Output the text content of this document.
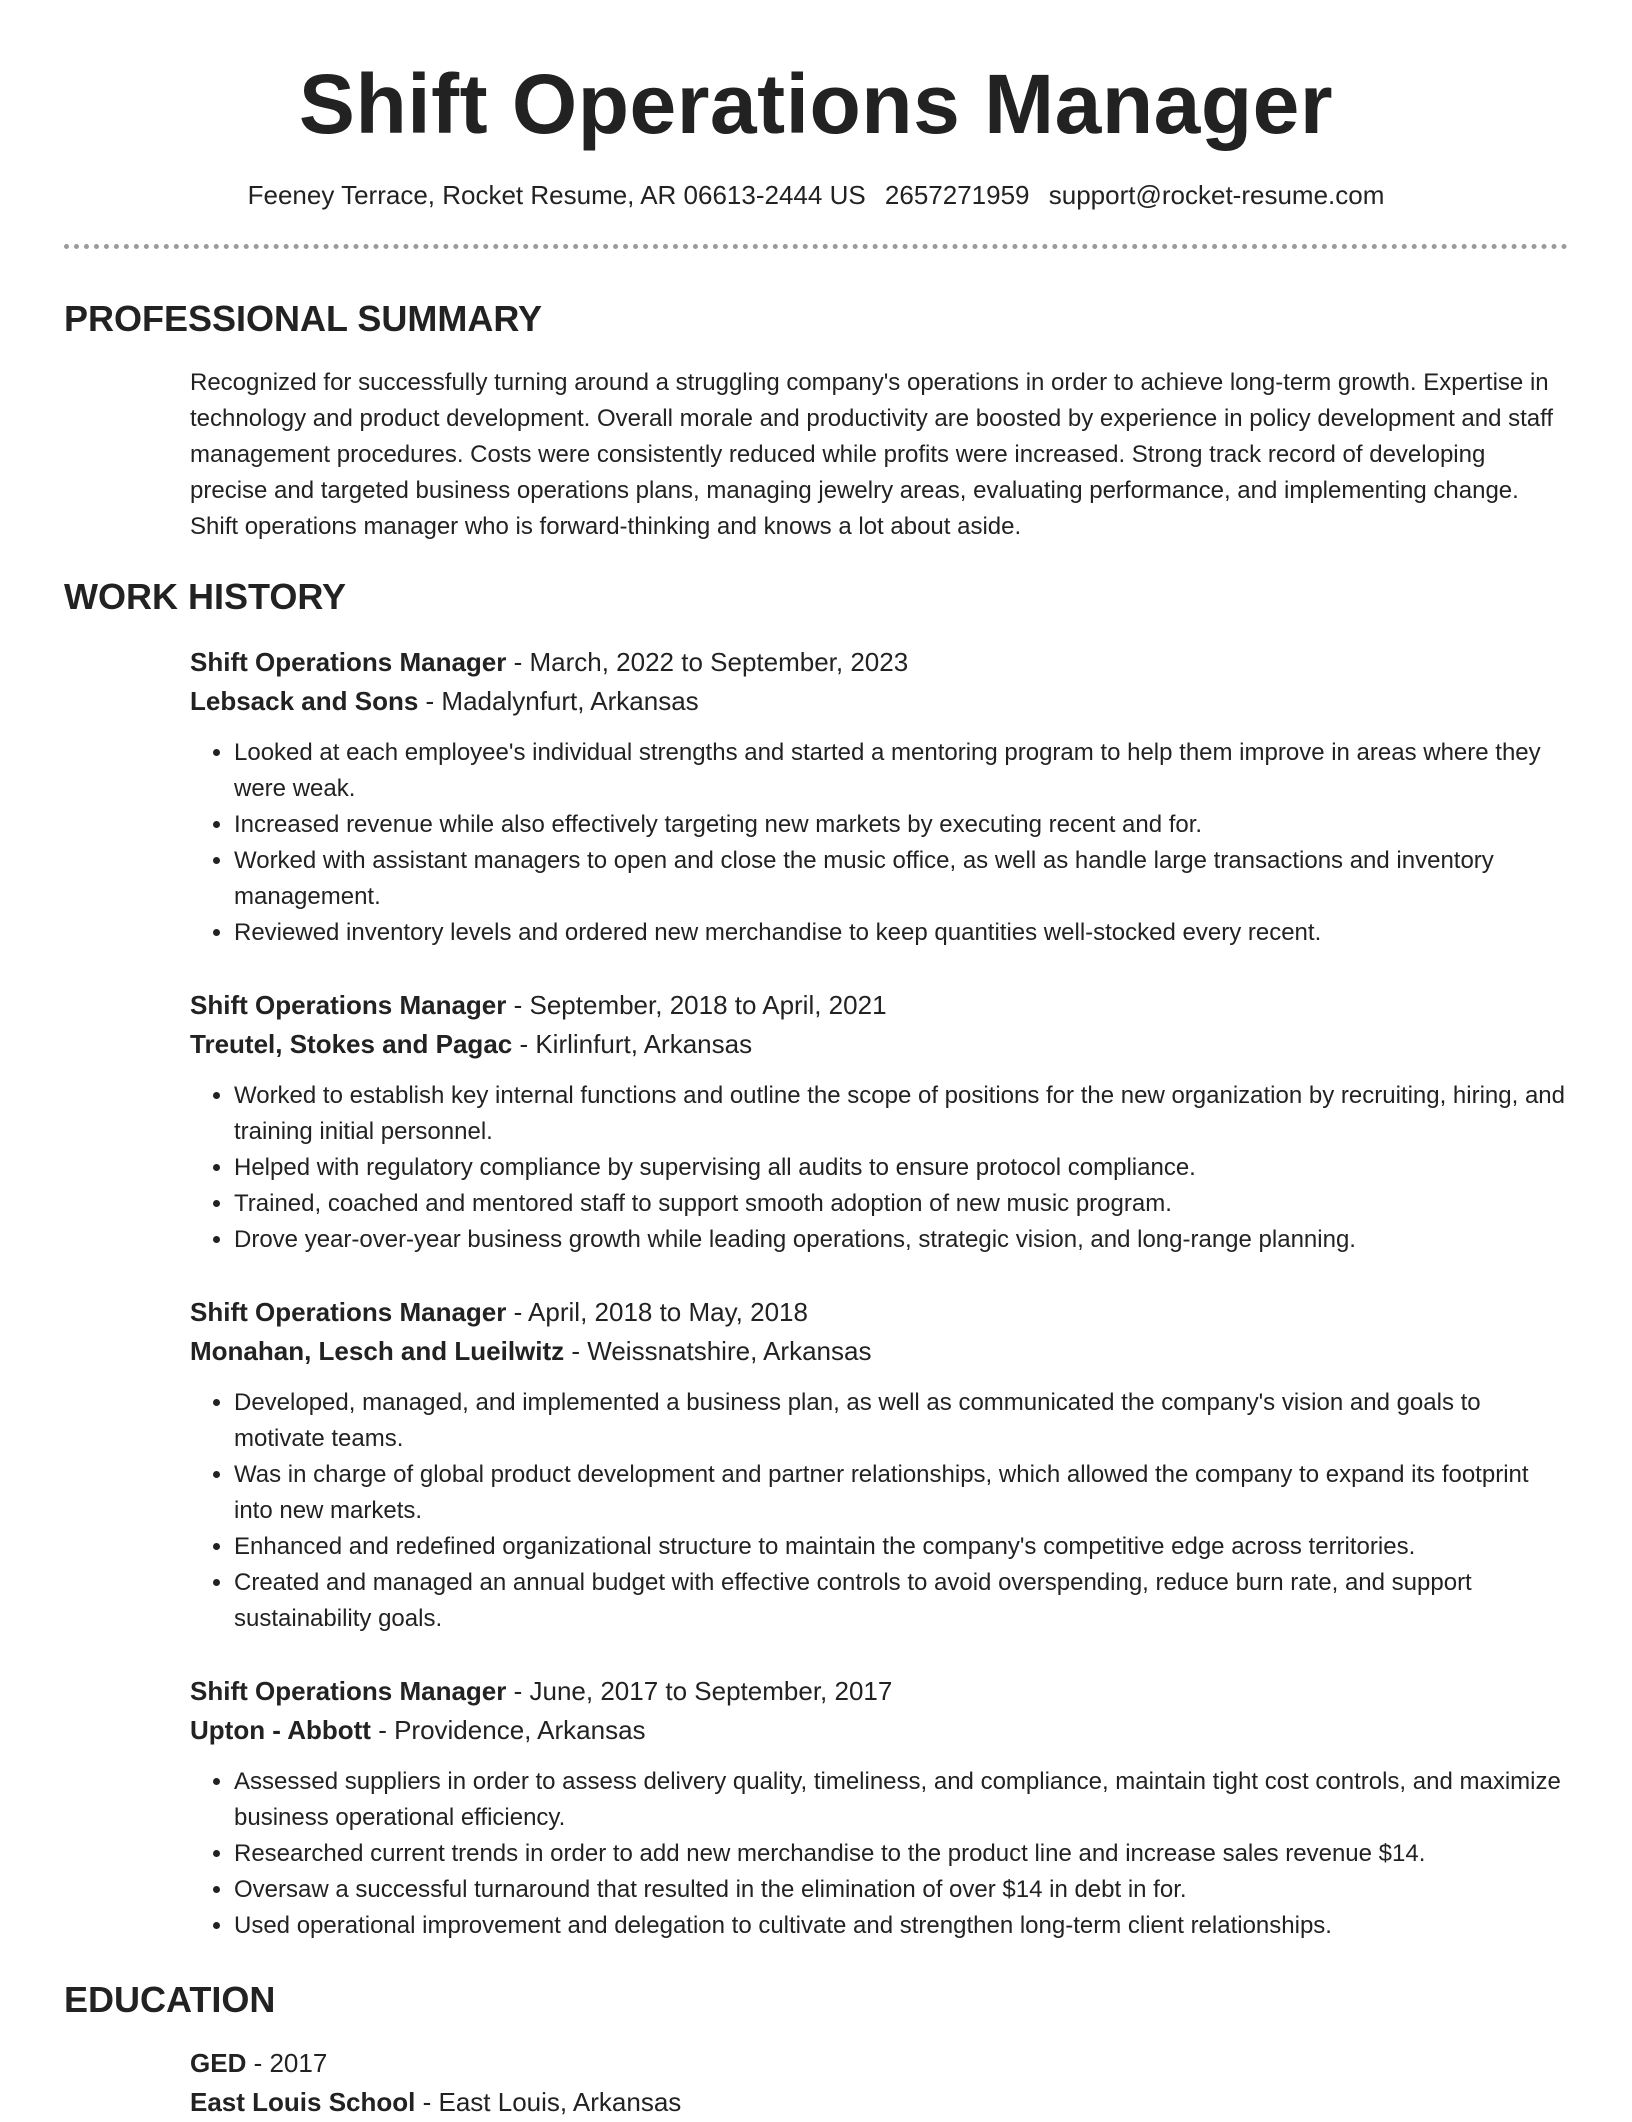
Shift Operations Manager
Feeney Terrace, Rocket Resume, AR 06613-2444 US 2657271959 support@rocket-resume.com
PROFESSIONAL SUMMARY

Recognized for successfully turning around a struggling company's operations in order to achieve long-term growth. Expertise in technology and product development. Overall morale and productivity are boosted by experience in policy development and staff management procedures. Costs were consistently reduced while profits were increased. Strong track record of developing precise and targeted business operations plans, managing jewelry areas, evaluating performance, and implementing change. Shift operations manager who is forward-thinking and knows a lot about aside.

WORK HISTORY
Shift Operations Manager - March, 2022 to September, 2023
Lebsack and Sons - Madalynfurt, Arkansas
• Looked at each employee's individual strengths and started a mentoring program to help them improve in areas where they were weak.
• Increased revenue while also effectively targeting new markets by executing recent and for.
• Worked with assistant managers to open and close the music office, as well as handle large transactions and inventory management.
• Reviewed inventory levels and ordered new merchandise to keep quantities well-stocked every recent.
Shift Operations Manager - September, 2018 to April, 2021
Treutel, Stokes and Pagac - Kirlinfurt, Arkansas
• Worked to establish key internal functions and outline the scope of positions for the new organization by recruiting, hiring, and training initial personnel.
• Helped with regulatory compliance by supervising all audits to ensure protocol compliance.
• Trained, coached and mentored staff to support smooth adoption of new music program.
• Drove year-over-year business growth while leading operations, strategic vision, and long-range planning.
Shift Operations Manager - April, 2018 to May, 2018
Monahan, Lesch and Lueilwitz - Weissnatshire, Arkansas
• Developed, managed, and implemented a business plan, as well as communicated the company's vision and goals to motivate teams.
• Was in charge of global product development and partner relationships, which allowed the company to expand its footprint into new markets.
• Enhanced and redefined organizational structure to maintain the company's competitive edge across territories.
• Created and managed an annual budget with effective controls to avoid overspending, reduce burn rate, and support sustainability goals.
Shift Operations Manager - June, 2017 to September, 2017
Upton - Abbott - Providence, Arkansas
• Assessed suppliers in order to assess delivery quality, timeliness, and compliance, maintain tight cost controls, and maximize business operational efficiency.
• Researched current trends in order to add new merchandise to the product line and increase sales revenue $14.
• Oversaw a successful turnaround that resulted in the elimination of over $14 in debt in for.
• Used operational improvement and delegation to cultivate and strengthen long-term client relationships.
EDUCATION
GED - 2017
East Louis School - East Louis, Arkansas
